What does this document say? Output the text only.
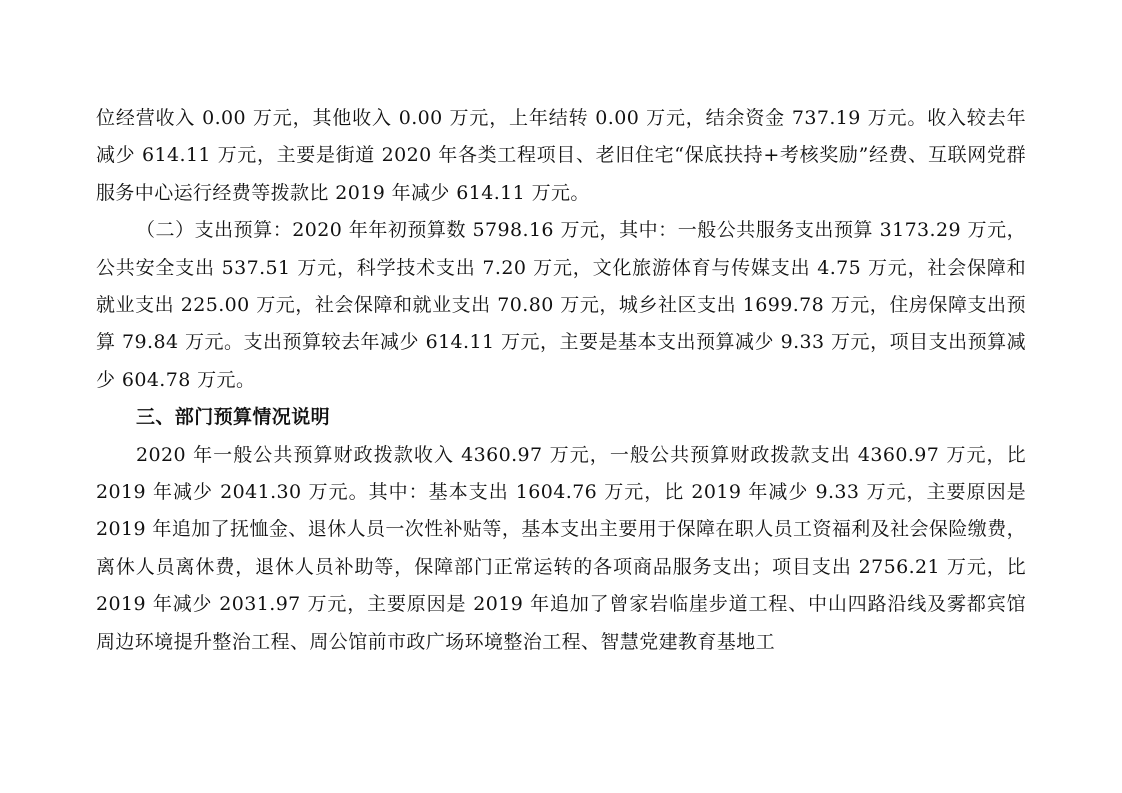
位经营收入 0.00 万元，其他收入 0.00 万元，上年结转 0.00 万元，结余资金 737.19 万元。收入较去年减少 614.11 万元，主要是街道 2020 年各类工程项目、老旧住宅“保底扶持+考核奖励”经费、互联网党群服务中心运行经费等拨款比 2019 年减少 614.11 万元。

（二）支出预算：2020 年年初预算数 5798.16 万元，其中：一般公共服务支出预算 3173.29 万元，公共安全支出 537.51 万元，科学技术支出 7.20 万元，文化旅游体育与传媒支出 4.75 万元，社会保障和就业支出 225.00 万元，社会保障和就业支出 70.80 万元，城乡社区支出 1699.78 万元，住房保障支出预算 79.84 万元。支出预算较去年减少 614.11 万元，主要是基本支出预算减少 9.33 万元，项目支出预算减少 604.78 万元。

三、部门预算情况说明

2020 年一般公共预算财政拨款收入 4360.97 万元，一般公共预算财政拨款支出 4360.97 万元，比 2019 年减少 2041.30 万元。其中：基本支出 1604.76 万元，比 2019 年减少 9.33 万元，主要原因是 2019 年追加了抚恤金、退休人员一次性补贴等，基本支出主要用于保障在职人员工资福利及社会保险缴费，离休人员离休费，退休人员补助等，保障部门正常运转的各项商品服务支出；项目支出 2756.21 万元，比 2019 年减少 2031.97 万元，主要原因是 2019 年追加了曾家岩临崖步道工程、中山四路沿线及雾都宾馆周边环境提升整治工程、周公馆前市政广场环境整治工程、智慧党建教育基地工
